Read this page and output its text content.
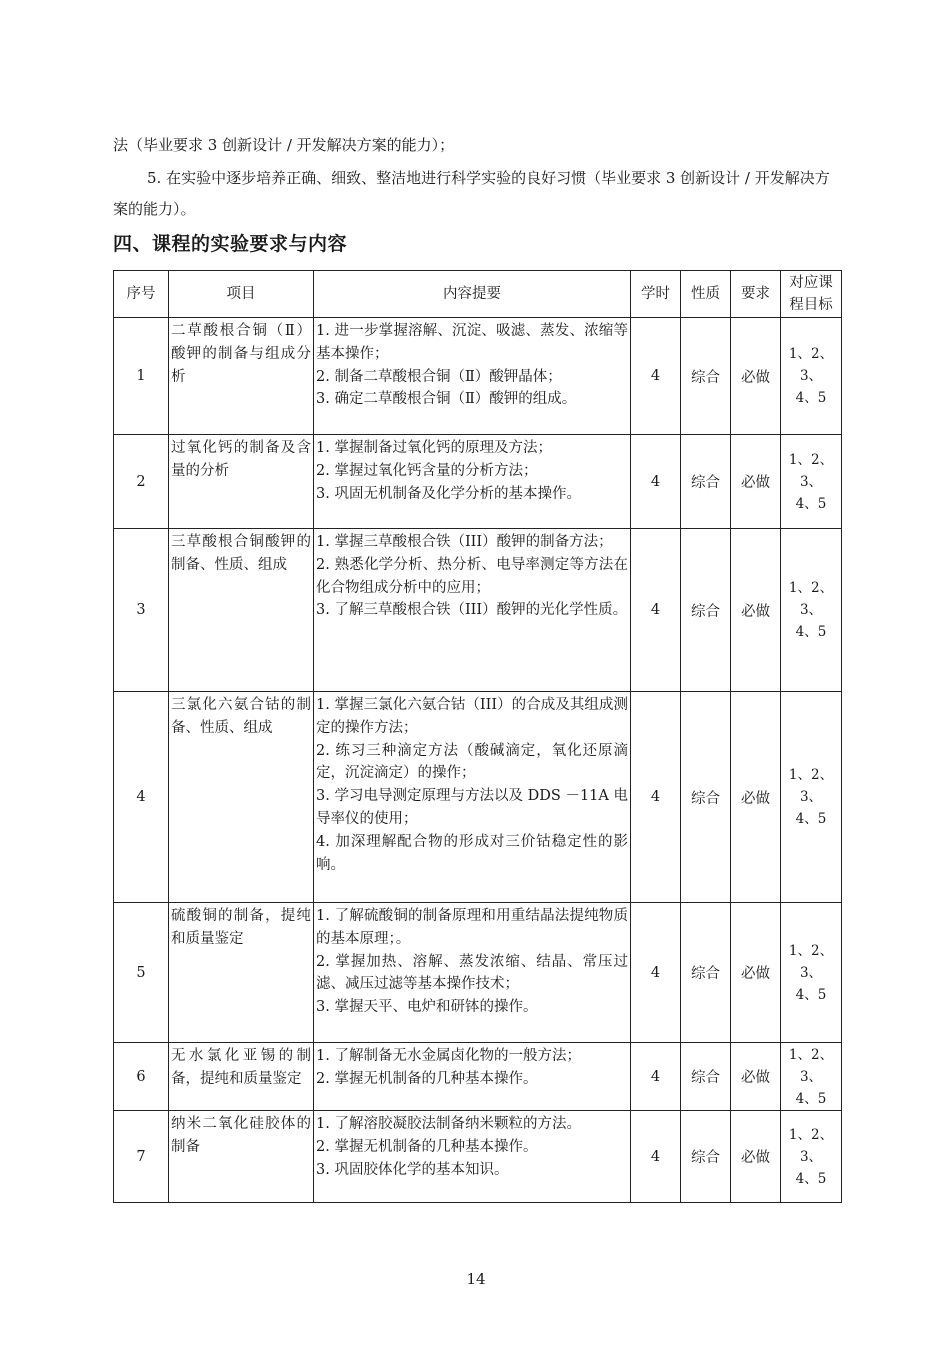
法（毕业要求 3 创新设计 / 开发解决方案的能力）；

5. 在实验中逐步培养正确、细致、整洁地进行科学实验的良好习惯（毕业要求 3 创新设计 / 开发解决方案的能力）。

四、课程的实验要求与内容
序号	项目	内容提要	学时	性质	要求	对应课
程目标

1	二草酸根合铜（Ⅱ）酸钾的制备与组成分析	1. 进一步掌握溶解、沉淀、吸滤、蒸发、浓缩等基本操作；
2. 制备二草酸根合铜（Ⅱ）酸钾晶体；
3. 确定二草酸根合铜（Ⅱ）酸钾的组成。	4	综合	必做	1、2、3、
4、5

2	过氧化钙的制备及含量的分析	1. 掌握制备过氧化钙的原理及方法；
2. 掌握过氧化钙含量的分析方法；
3. 巩固无机制备及化学分析的基本操作。	4	综合	必做	1、2、3、
4、5

3	三草酸根合铜酸钾的制备、性质、组成	1. 掌握三草酸根合铁（III）酸钾的制备方法；
2. 熟悉化学分析、热分析、电导率测定等方法在化合物组成分析中的应用；
3. 了解三草酸根合铁（III）酸钾的光化学性质。	4	综合	必做	1、2、3、
4、5

4	三氯化六氨合钴的制备、性质、组成	1. 掌握三氯化六氨合钴（III）的合成及其组成测定的操作方法；
2. 练习三种滴定方法（酸碱滴定，氧化还原滴定，沉淀滴定）的操作；
3. 学习电导测定原理与方法以及 DDS －11A 电导率仪的使用；
4. 加深理解配合物的形成对三价钴稳定性的影响。	4	综合	必做	1、2、3、
4、5

5	硫酸铜的制备，提纯和质量鉴定	1. 了解硫酸铜的制备原理和用重结晶法提纯物质的基本原理；。
2. 掌握加热、溶解、蒸发浓缩、结晶、常压过滤、减压过滤等基本操作技术；
3. 掌握天平、电炉和研钵的操作。	4	综合	必做	1、2、3、
4、5

6	无水氯化亚锡的制备，提纯和质量鉴定	1. 了解制备无水金属卤化物的一般方法；
2. 掌握无机制备的几种基本操作。	4	综合	必做	1、2、3、
4、5

7	纳米二氧化硅胶体的制备	1. 了解溶胶凝胶法制备纳米颗粒的方法。
2. 掌握无机制备的几种基本操作。
3. 巩固胶体化学的基本知识。	4	综合	必做	1、2、3、
4、5
14
